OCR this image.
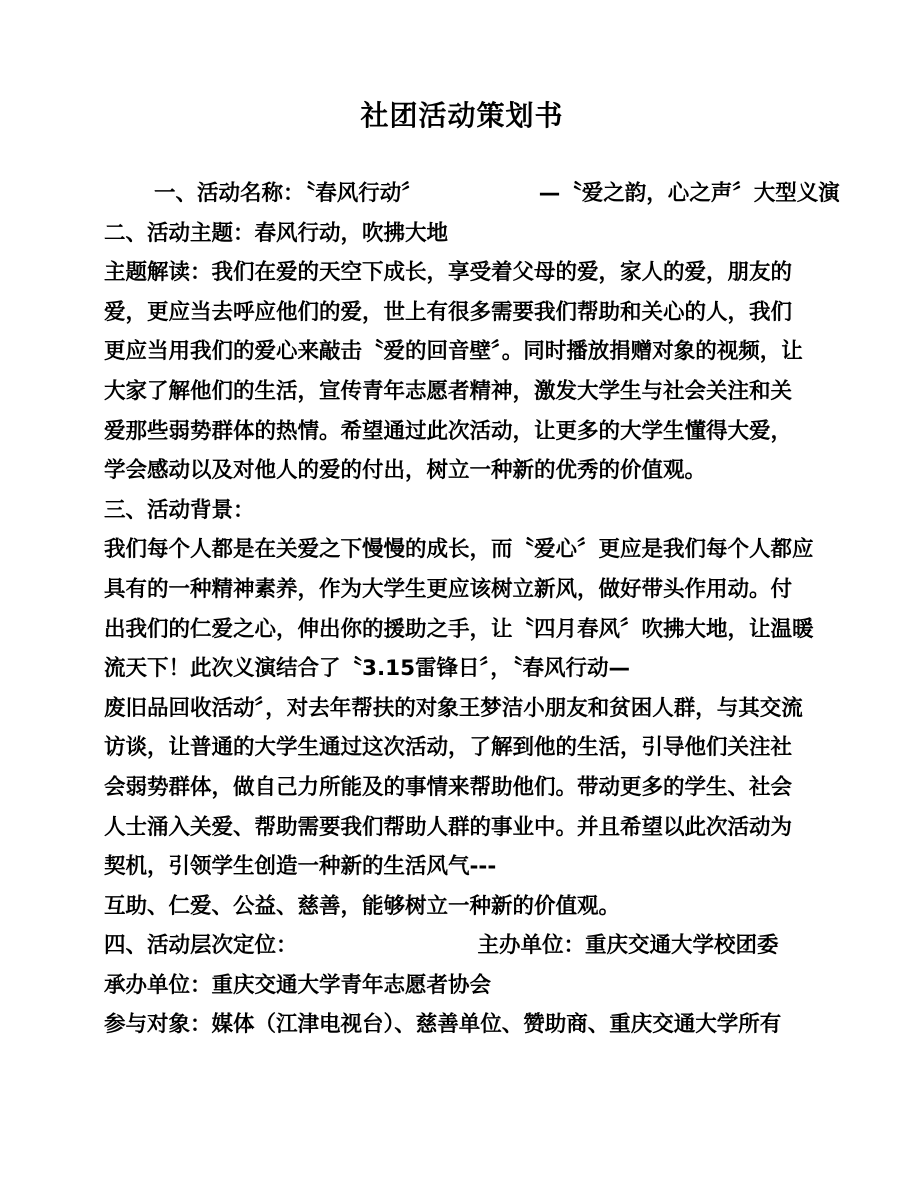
社团活动策划书
一、活动名称：〝春风行动〞	—〝爱之韵，心之声〞大型义演
二、活动主题：春风行动，吹拂大地
主题解读：我们在爱的天空下成长，享受着父母的爱，家人的爱，朋友的
爱，更应当去呼应他们的爱，世上有很多需要我们帮助和关心的人，我们
更应当用我们的爱心来敲击〝爱的回音壁〞。同时播放捐赠对象的视频，让
大家了解他们的生活，宣传青年志愿者精神，激发大学生与社会关注和关
爱那些弱势群体的热情。希望通过此次活动，让更多的大学生懂得大爱，
学会感动以及对他人的爱的付出，树立一种新的优秀的价值观。
三、活动背景：
我们每个人都是在关爱之下慢慢的成长，而〝爱心〞更应是我们每个人都应
具有的一种精神素养，作为大学生更应该树立新风，做好带头作用动。付
出我们的仁爱之心，伸出你的援助之手，让〝四月春风〞吹拂大地，让温暖
流天下！此次义演结合了〝3.15雷锋日〞，〝春风行动—
废旧品回收活动〞，对去年帮扶的对象王梦洁小朋友和贫困人群，与其交流
访谈，让普通的大学生通过这次活动，了解到他的生活，引导他们关注社
会弱势群体，做自己力所能及的事情来帮助他们。带动更多的学生、社会
人士涌入关爱、帮助需要我们帮助人群的事业中。并且希望以此次活动为
契机，引领学生创造一种新的生活风气---
互助、仁爱、公益、慈善，能够树立一种新的价值观。
四、活动层次定位：	主办单位：重庆交通大学校团委
承办单位：重庆交通大学青年志愿者协会
参与对象：媒体（江津电视台）、慈善单位、赞助商、重庆交通大学所有
